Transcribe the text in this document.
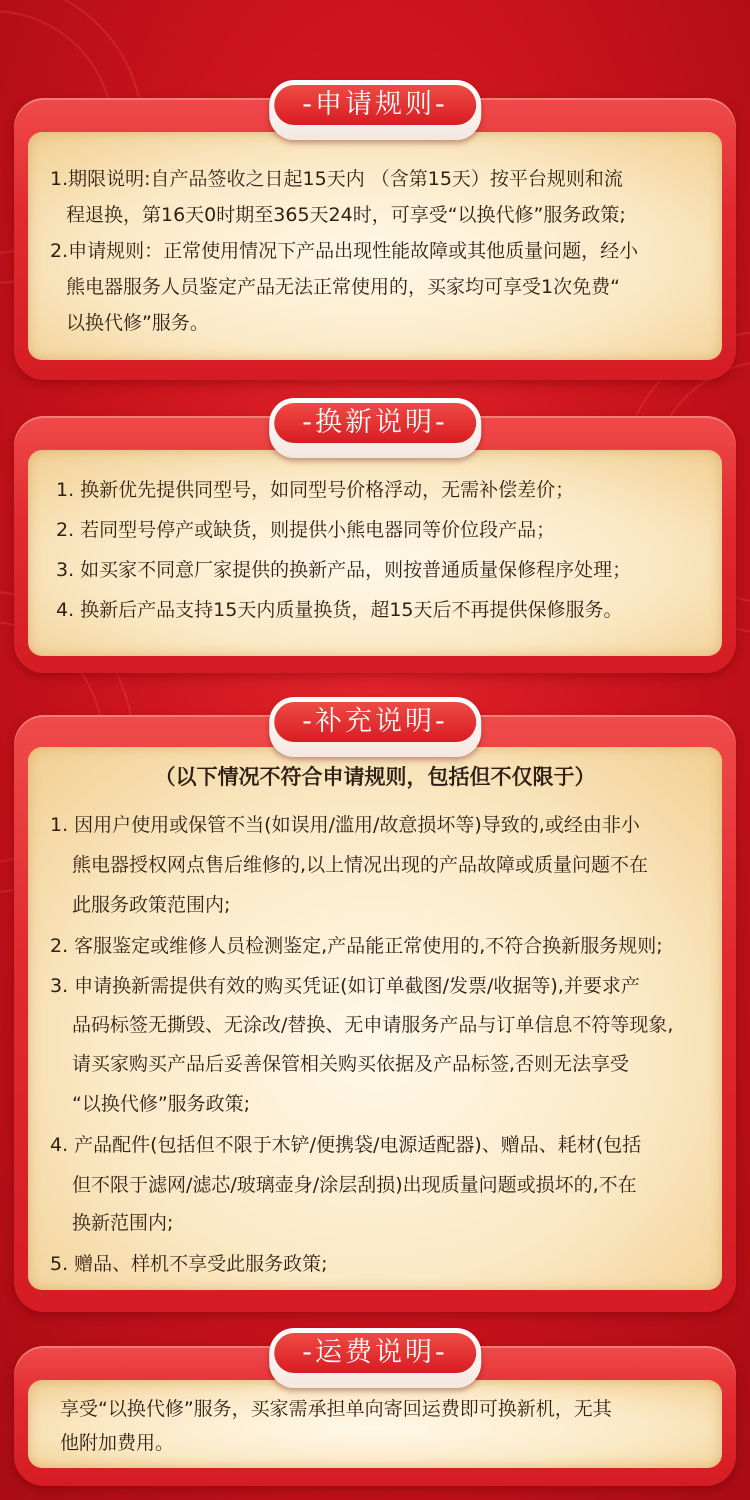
-申请规则-
1.期限说明:自产品签收之日起15天内 （含第15天）按平台规则和流
程退换，第16天0时期至365天24时，可享受“以换代修”服务政策;
2.申请规则：正常使用情况下产品出现性能故障或其他质量问题，经小
熊电器服务人员鉴定产品无法正常使用的，买家均可享受1次免费“
以换代修”服务。
-换新说明-
1. 换新优先提供同型号，如同型号价格浮动，无需补偿差价；
2. 若同型号停产或缺货，则提供小熊电器同等价位段产品；
3. 如买家不同意厂家提供的换新产品，则按普通质量保修程序处理；
4. 换新后产品支持15天内质量换货，超15天后不再提供保修服务。
-补充说明-
（以下情况不符合申请规则，包括但不仅限于）
1. 因用户使用或保管不当(如误用/滥用/故意损坏等)导致的,或经由非小
熊电器授权网点售后维修的,以上情况出现的产品故障或质量问题不在
此服务政策范围内;
2. 客服鉴定或维修人员检测鉴定,产品能正常使用的,不符合换新服务规则;
3. 申请换新需提供有效的购买凭证(如订单截图/发票/收据等),并要求产
品码标签无撕毁、无涂改/替换、无申请服务产品与订单信息不符等现象,
请买家购买产品后妥善保管相关购买依据及产品标签,否则无法享受
“以换代修”服务政策;
4. 产品配件(包括但不限于木铲/便携袋/电源适配器)、赠品、耗材(包括
但不限于滤网/滤芯/玻璃壶身/涂层刮损)出现质量问题或损坏的,不在
换新范围内;
5. 赠品、样机不享受此服务政策;
-运费说明-
享受“以换代修”服务，买家需承担单向寄回运费即可换新机，无其
他附加费用。
